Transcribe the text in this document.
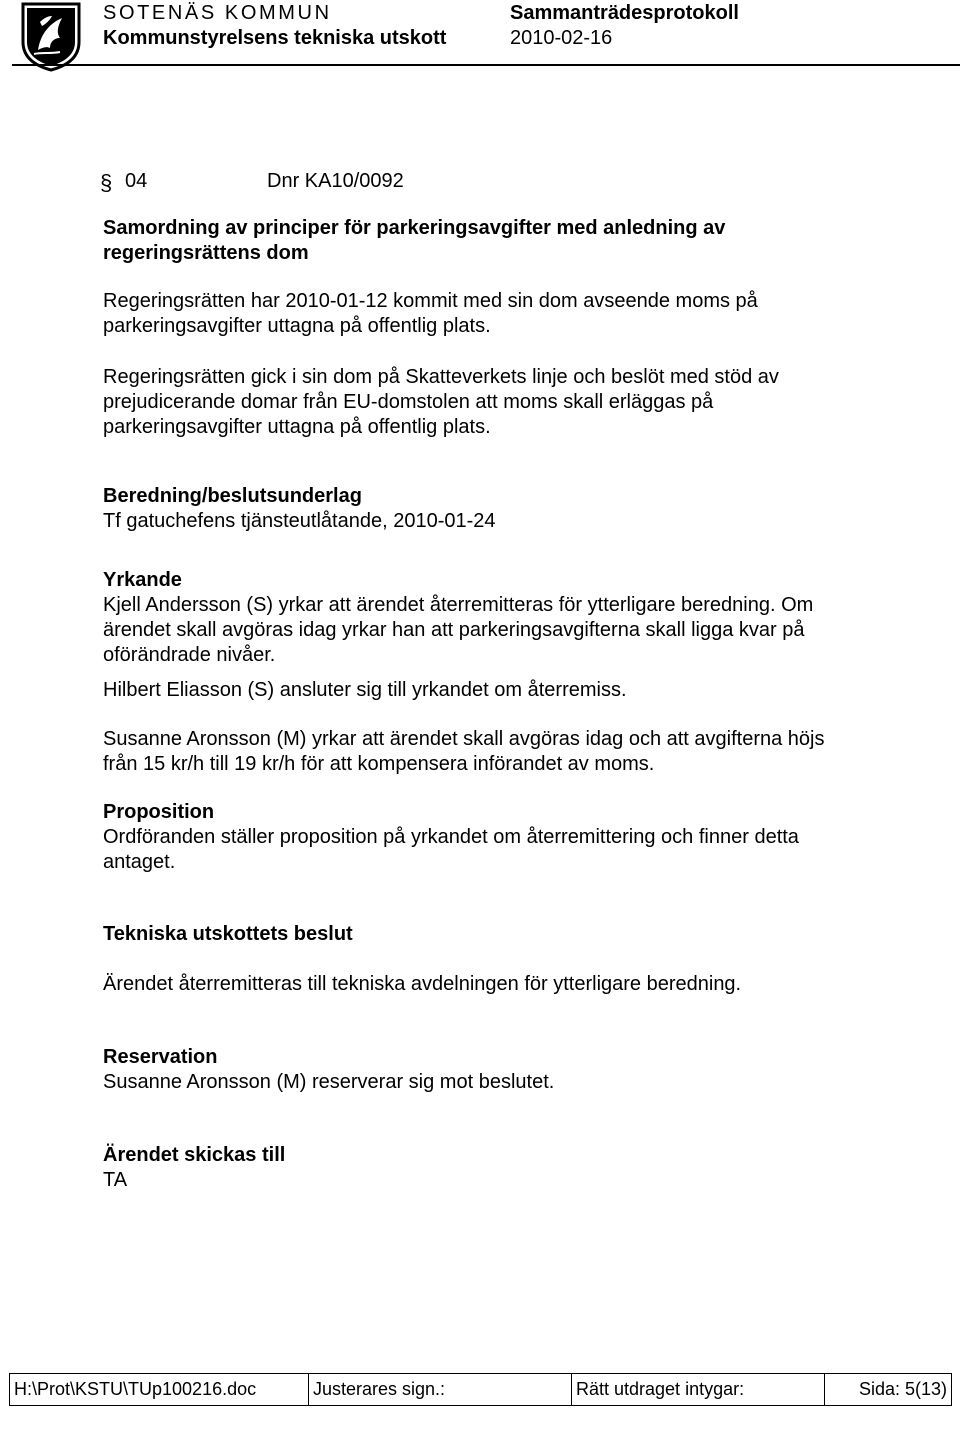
SOTENÄS KOMMUN
Kommunstyrelsens tekniska utskott
Sammanträdesprotokoll
2010-02-16
§ 04	Dnr KA10/0092
Samordning av principer för parkeringsavgifter med anledning av
regeringsrättens dom
Regeringsrätten har 2010-01-12 kommit med sin dom avseende moms på
parkeringsavgifter uttagna på offentlig plats.
Regeringsrätten gick i sin dom på Skatteverkets linje och beslöt med stöd av
prejudicerande domar från EU-domstolen att moms skall erläggas på
parkeringsavgifter uttagna på offentlig plats.
Beredning/beslutsunderlag
Tf gatuchefens tjänsteutlåtande, 2010-01-24
Yrkande
Kjell Andersson (S) yrkar att ärendet återremitteras för ytterligare beredning. Om
ärendet skall avgöras idag yrkar han att parkeringsavgifterna skall ligga kvar på
oförändrade nivåer.
Hilbert Eliasson (S) ansluter sig till yrkandet om återremiss.
Susanne Aronsson (M) yrkar att ärendet skall avgöras idag och att avgifterna höjs
från 15 kr/h till 19 kr/h för att kompensera införandet av moms.
Proposition
Ordföranden ställer proposition på yrkandet om återremittering och finner detta
antaget.
Tekniska utskottets beslut
Ärendet återremitteras till tekniska avdelningen för ytterligare beredning.
Reservation
Susanne Aronsson (M) reserverar sig mot beslutet.
Ärendet skickas till
TA
H:\Prot\KSTU\TUp100216.doc	Justerares sign.:	Rätt utdraget intygar:	Sida: 5(13)
